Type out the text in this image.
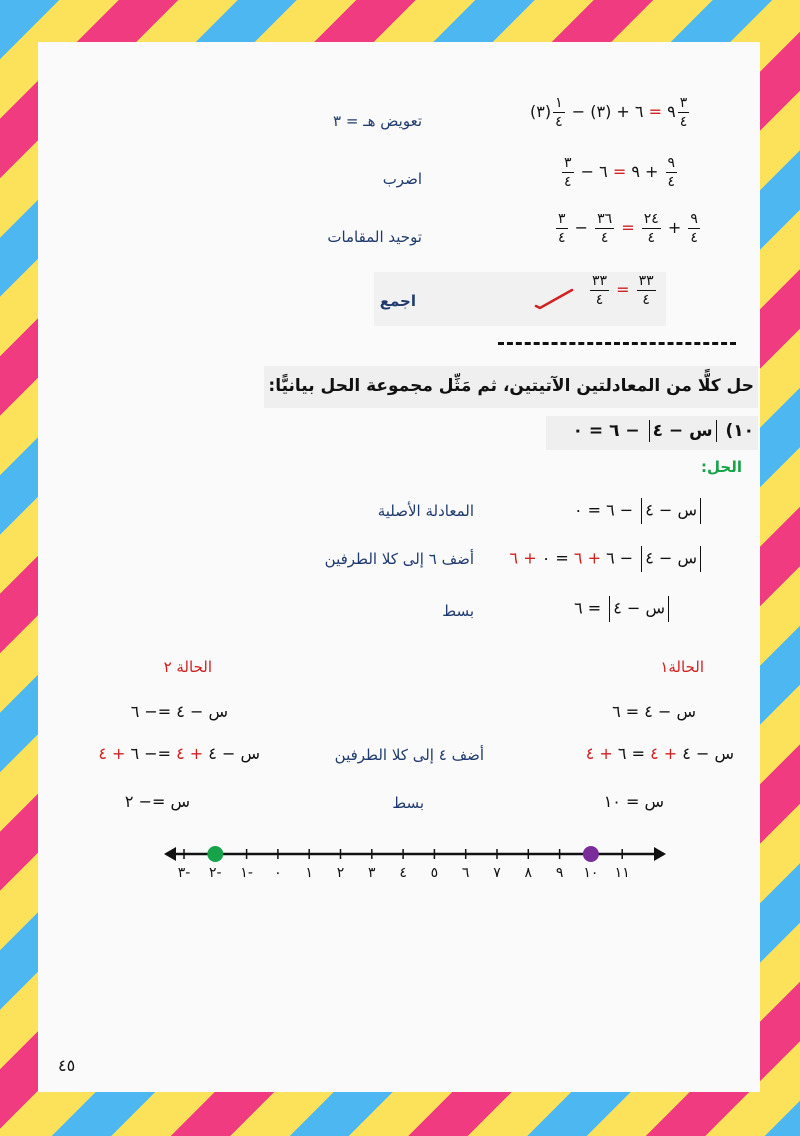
(٣) $\frac{١}{٤}$ −	٩ = ٦ + (٣)	$\frac{٣}{٤}$
تعويض هـ = ٣
$\frac{٣}{٤}$ − ٩ = ٦ + $\frac{٩}{٤}$
اضرب
$\frac{٣}{٤} - \frac{٣٦}{٤} = \frac{٢٤}{٤} + \frac{٩}{٤}$
توحيد المقامات
$\frac{٣٣}{٤} = \frac{٣٣}{٤}$
اجمع
حل كلًّا من المعادلتين الآتيتين، ثم مَثِّل مجموعة الحل بيانيًّا:
١٠) س − ٤ − ٦ = ٠
الحل:
س − ٤ − ٦ = ٠
المعادلة الأصلية
س − ٤ − ٦ + ٦ = ٠ + ٦
أضف ٦ إلى كلا الطرفين
س − ٤ = ٦
بسط
الحالة١
الحالة ٢
س − ٤ = ٦
س − ٤ =− ٦
س − ٤ + ٤ = ٦ + ٤
أضف ٤ إلى كلا الطرفين
س − ٤ + ٤ =− ٦ + ٤
س = ١٠
بسط
س =− ٢
٣- ٢- ١- ٠ ١ ٢ ٣ ٤ ٥ ٦ ٧ ٨ ٩ ١٠ ١١
٤٥
